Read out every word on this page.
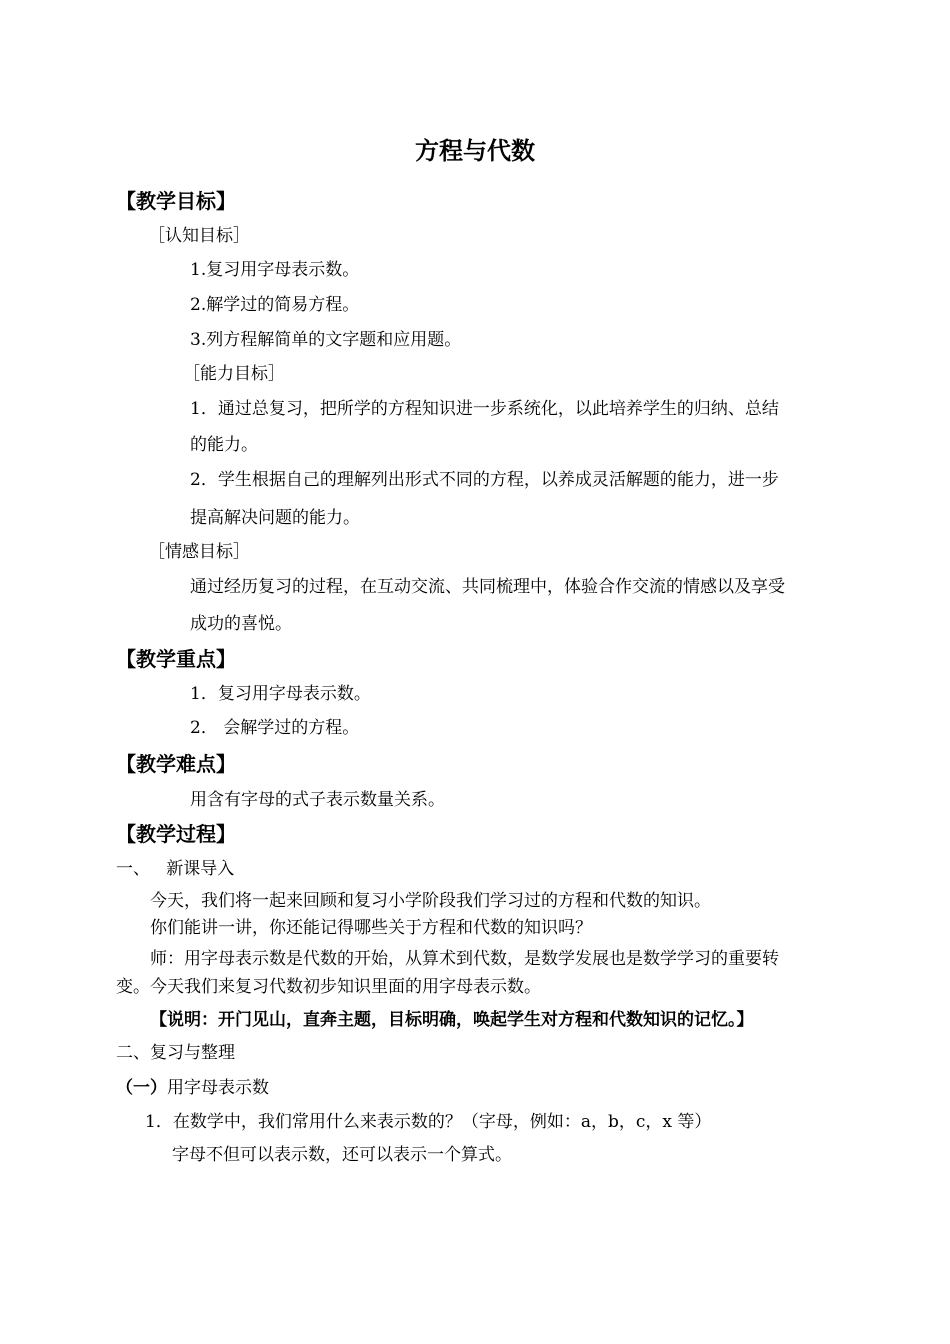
方程与代数
【教学目标】
［认知目标］
1.复习用字母表示数。
2.解学过的简易方程。
3.列方程解简单的文字题和应用题。
［能力目标］
1．通过总复习，把所学的方程知识进一步系统化，以此培养学生的归纳、总结
的能力。
2．学生根据自己的理解列出形式不同的方程，以养成灵活解题的能力，进一步
提高解决问题的能力。
［情感目标］
通过经历复习的过程，在互动交流、共同梳理中，体验合作交流的情感以及享受
成功的喜悦。
【教学重点】
1．复习用字母表示数。
2． 会解学过的方程。
【教学难点】
用含有字母的式子表示数量关系。
【教学过程】
一、   新课导入
今天，我们将一起来回顾和复习小学阶段我们学习过的方程和代数的知识。
你们能讲一讲，你还能记得哪些关于方程和代数的知识吗？
师：用字母表示数是代数的开始，从算术到代数，是数学发展也是数学学习的重要转
变。今天我们来复习代数初步知识里面的用字母表示数。
【说明：开门见山，直奔主题，目标明确，唤起学生对方程和代数知识的记忆。】
二、复习与整理
（一）用字母表示数
1．在数学中，我们常用什么来表示数的？（字母，例如：a，b，c，x 等）
字母不但可以表示数，还可以表示一个算式。
